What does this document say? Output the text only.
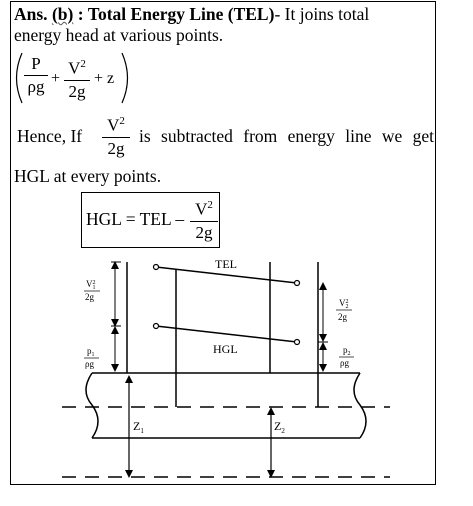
Ans. (b) : Total Energy Line (TEL)- It joins total
energy head at various points.
P
ρg +
$V^2$
2g
+ z
Hence, If
$V^2$
2g
is subtracted from energy line we get
HGL at every points.
HGL = TEL – $V^2$
2g
TEL
HGL
$Z_1$	$Z_2$
$V^2$ 1
2g
$p_1$
ρg
$V^2$ 2
2g
$p_2$
ρg
